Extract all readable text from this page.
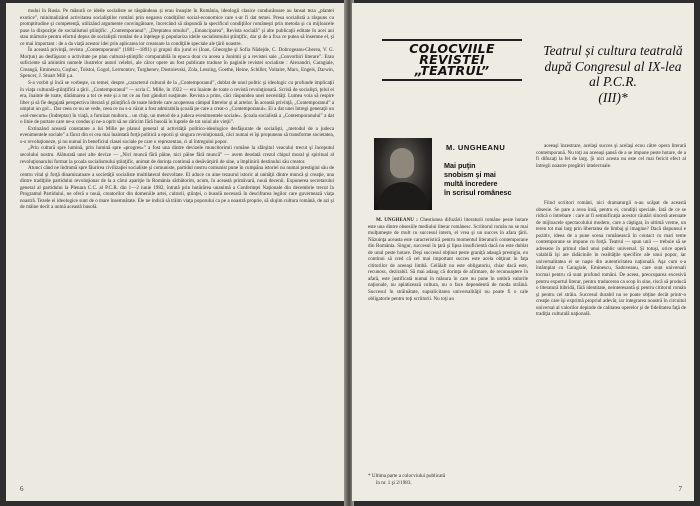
mului în Rusia. Pe măsură ce ideile socialiste se răspândeau și erau însuşite în România, ideologii clasice conducătoare au lansat teza „plantei exotice”, minimalizând activitatea socialiştilor români prin negarea condiţiilor social-economice care s-ar fi dat temei. Presa socialistă a răspuns cu promptitudine şi competenţă, utilizând argumente convingătoare, încercând să răspundă la specificul condiţiilor româneşti prin metoda şi cu mijloacele puse la dispoziţie de socialismul ştiinţific. „Contemporanul”, „Dreptatea omului”, „Emanciparea”, Revista socială” şi alte publicaţii editate în acei ani stau mărturie pentru efortul depus de socialiştii români de a înţelege şi populariza ideile socialismului ştiinţific, dar şi de a fixa ce putea să însemne el, şi ce mai important : de a da viaţă acestor idei prin aplicarea lor creatoare la condiţiile speciale ale ţării noastre.

În această privinţă, revista „Contemporanul” (1881—1891) şi grupul din jurul ei (Ioan, Gheorghe şi Sofia Nădejde, C. Dobrogeanu-Gherea, V. G. Morţun) au desfăşurat o activitate pe plan cultural-ştiinţific comparabilă în epoca doar cu aceea a Junimii şi a revistei sale „Convorbiri literare”. Erau suficiente să amintim numele ilustrelor autori celebri, ale căror opere au fost publicate traduse în paginile revistei socialiste : Alexandri, Caragiale, Creangă, Eminescu, Coşbuc, Tolstoi, Gogol, Lermontov, Turghenev, Dostoievski, Zola, Lessing, Goethe, Heine, Schiller, Voltaire, Marx, Engels, Darwin, Spencer, J. Stuart Mill ş.a.

S-a vorbit şi încă se vorbeşte, cu temei, despre „caracterul cultural de la „Contemporanul”, dublat de unul politic şi ideologic cu profunde implicaţii în viaţa culturală-ştiinţifică a ţării. „Contemporanul” — scria C. Mille, în 1922 — era înainte de toate o revistă revoluţionară. Scrisă de socialişti, ţelul ei era, înainte de toate, dărâmarea a tot ce este şi a tot ce au fost gânduri susţinute. Revista a prins, căci răspundea unei necesităţi. Lumea voia să respire liber şi să fie degajată perspectiva literară şi ştiinţifică de toate hidrele care acopereau câmpul literelor şi al artelor. În această privinţă, „Contemporanul” a umplut un gol... Dar ceea ce nu se vede, ceea ce nu s-a văzut a fost admirabila şcoală pe care a creat-o „Contemporanul». Ei a dat unei întregi generaţii un «sol-mecum» (îndreptar) în viaţă, a furnizat multora... un chip, un metod de a judeca evenimentele sociale». Şcoala socialistă a „Contemporanului” a dat o linie de purtare care ne-a condus şi ne-a oprit să ne zăticim fără busolă în luptele de tot soiul ale vieţii”.

Extinzând această constatare a lui Mille pe planul general al activităţii politico-ideologice desfăşurate de socialişti, „metodul de a judeca evenimentele sociale” a făcut din ei cea mai înaintată forţă politică a epocii şi singura revoluţionară, căci numai ei îşi propuneau să transforme societatea, s-o revoluţioneze, şi nu numai în beneficiul clasei sociale pe care o reprezentau, ci al întregului popor.

„Prin cultură spre lumină, prin lumină spre «progres»” a fost una dintre devizele muncitorimii române la sfârşitul veacului trecut şi începutul secolului nostru. Alăturată unei alte devize — „Nici muncă fără pâine, nici pâine fără muncă” — avem deodată crezul chipul moral şi spiritual al revoluţionarului format la şcoala socialismului ştiinţific, animat de dorinţa continuă a desăvârşirii de sine, a împlinirii destinului său creator.

Atunci când ne îndrumă spre făurirea civilizaţiei socialiste şi comuniste, partidul nostru comunist pune în cumpăna istoriei nu numai prestigiul său de centru vital şi forţă dinamizatoare a societăţii socialiste multilateral dezvoltate. El aduce cu aine tezaurul istoric al unităţii dintre muncă şi creaţie, una dintre tradiţiile partidului revoluţionar de la a cărui apariţie în România sărbătorim, acum, în această primăvară, nouă decenii. Expunerea secretarului general al partidului la Plenara C.C. al P.C.R. din 1—2 iunie 1982, întrată prin hotărârea unanimă a Conferinţei Naţionale din decembrie trecut în Programul Partidului, ne oferă o nouă, creatorilor din domeniile artei, culturii, ştiinţei, o busolă necesară în descifrarea legilor care guvernează viaţa noastră. Tezele ei ideologice sunt de o mare însemnătate. Ele ne indică să trăim viaţa poporului ca pe a noastră proprie, să slujim cultura română, de azi şi de mâine decît a unmă această busolă.

6
COLOCVIILE
REVISTEI
„TEATRUL”
Teatrul și cultura teatrală
după Congresul al IX-lea
al P.C.R.
(III)*
M. UNGHEANU
Mai puţin
snobism şi mai
multă încredere
în scrisul românesc

M. UNGHEANU : Chestiunea difuzării literaturii române peste hotare este una dintre obsesiile mediului literar românesc. Scriitorul român nu se mai mulţumeşte de mult cu succesul intern, el vrea şi un succes în afara ţării. Năzuinţa aceasta este caracteristică pentru momentul literaturii contemporane din România. Singur, succesul în ţară şi lipsa insuficientă dacă nu este dublat de unul peste hotare. Deşi succesul obţinut peste graniţă adaugă prestigiu, eu continui să cred că cel mai important succes este acela obţinut în faţa cititorilor de aceeaşi limbă. Celălalt nu este obligatoriu, chiar dacă este, recunosc, dezirabil. Să mai adaug că dorinţa de afirmare, de recunoaştere în afară, este justificată numai în măsura în care nu pune în umbră valorile naţionale, nu aplatizează cultura, nu o face dependentă de moda străină. Succesul în străinătate, supralicitarea universalităţii nu poate fi o cale obligatorie pentru toţi scriitorii. Nu toţi au

aceeaşi înzestrare, acelaşi succes şi acelaşi ecou către opera literară contemporană. Nu toţi au aceeaşi şansă de a se impune peste hotare, de a fi difuzaţi la fel de larg. Şi nici acesta nu este cel mai fericit efect al întregii noastre pregătiri intelectuale.

Fiind scriitori români, nici dramaturgii n-au scăpat de această obsesie. Se pare a avea însă, pentru ei, condiţii speciale. Iată de ce se ridică o întrebare : care ar fi semnificaţia acestor căutări sinceră atenuate de mijloacele spectacolului modern, care a câştigat, în ultimă vreme, un teren tot mai larg prin libertatea de limbaj şi imagine? Dacă răspunsul e pozitiv, ideea de a pune scena românească în contact cu mari teme contemporane se impune cu forţă. Teatrul — spun unii — trebuie să se adreseze în primul rând unui public universal. Şi totuşi, orice operă valabilă îşi are rădăcinile în realităţile specifice ale unui popor, iar universalitatea ei se naşte din autenticitatea naţională. Aşa cum s-a întâmplat cu Caragiale, Eminescu, Sadoveanu, care sunt universali tocmai pentru că sunt profund români. De aceea, preocuparea excesivă pentru exportul literar, pentru traducerea ca scop în sine, riscă să producă o literatură hibridă, fără identitate, neinteresantă şi pentru cititorul român şi pentru cel străin. Succesul durabil nu se poate obţine decât printr-o creaţie care îşi exprimă propriul adevăr, iar integrarea noastră în circuitul universal al valorilor depinde de calitatea operelor şi de fidelitatea faţă de tradiţia culturală naţională.

* Ultima parte a colocviului publicată
în nr. 1 şi 2/1983.
7
